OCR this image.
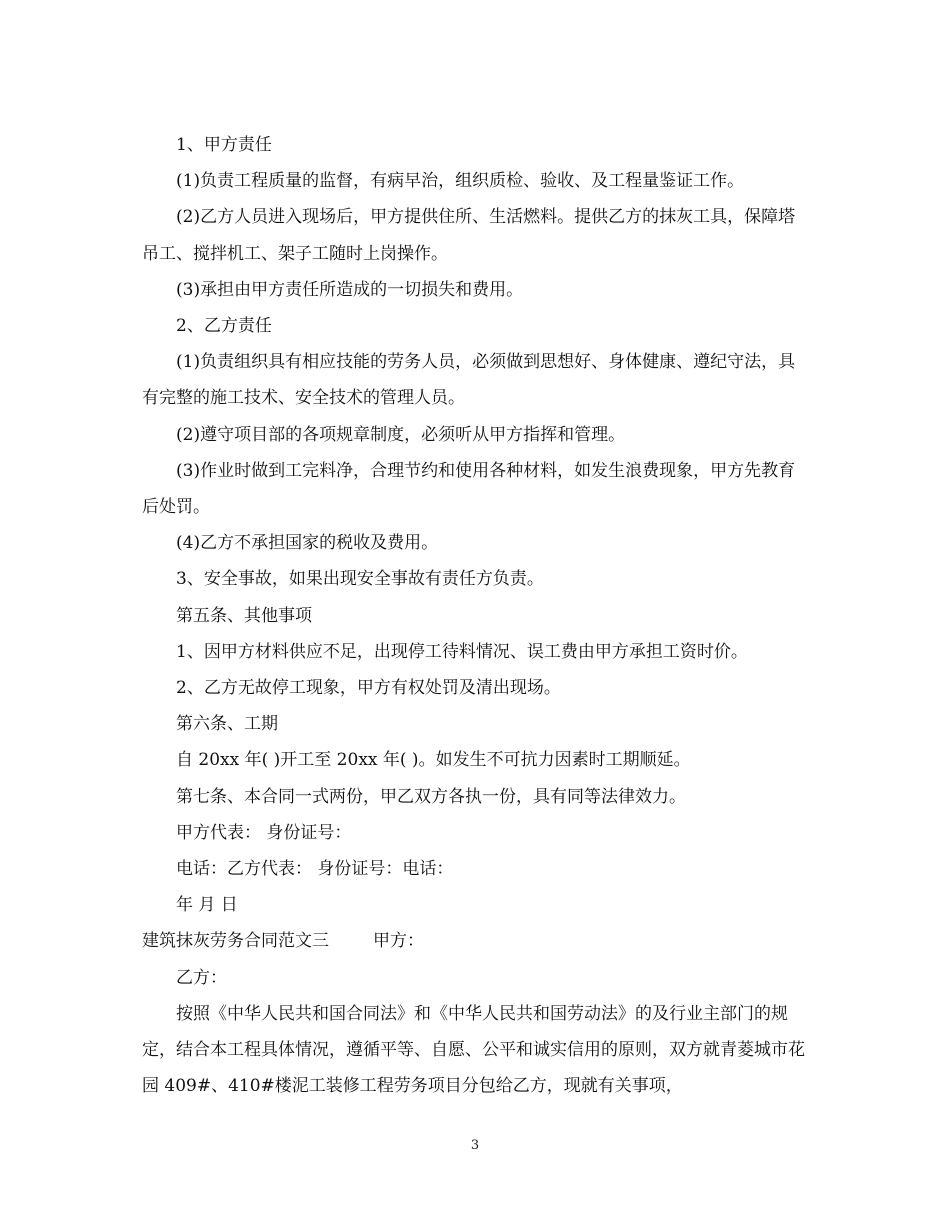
1、甲方责任

(1)负责工程质量的监督，有病早治，组织质检、验收、及工程量鉴证工作。

(2)乙方人员进入现场后，甲方提供住所、生活燃料。提供乙方的抹灰工具，保障塔吊工、搅拌机工、架子工随时上岗操作。

(3)承担由甲方责任所造成的一切损失和费用。

2、乙方责任

(1)负责组织具有相应技能的劳务人员，必须做到思想好、身体健康、遵纪守法，具有完整的施工技术、安全技术的管理人员。

(2)遵守项目部的各项规章制度，必须听从甲方指挥和管理。

(3)作业时做到工完料净，合理节约和使用各种材料，如发生浪费现象，甲方先教育后处罚。

(4)乙方不承担国家的税收及费用。

3、安全事故，如果出现安全事故有责任方负责。

第五条、其他事项

1、因甲方材料供应不足，出现停工待料情况、误工费由甲方承担工资时价。

2、乙方无故停工现象，甲方有权处罚及清出现场。

第六条、工期

自 20xx 年( )开工至 20xx 年( )。如发生不可抗力因素时工期顺延。

第七条、本合同一式两份，甲乙双方各执一份，具有同等法律效力。

甲方代表： 身份证号：

电话：乙方代表： 身份证号：电话：

年 月 日

建筑抹灰劳务合同范文三	甲方：

乙方：

按照《中华人民共和国合同法》和《中华人民共和国劳动法》的及行业主部门的规定，结合本工程具体情况，遵循平等、自愿、公平和诚实信用的原则，双方就青菱城市花园 409#、410#楼泥工装修工程劳务项目分包给乙方，现就有关事项，

3
